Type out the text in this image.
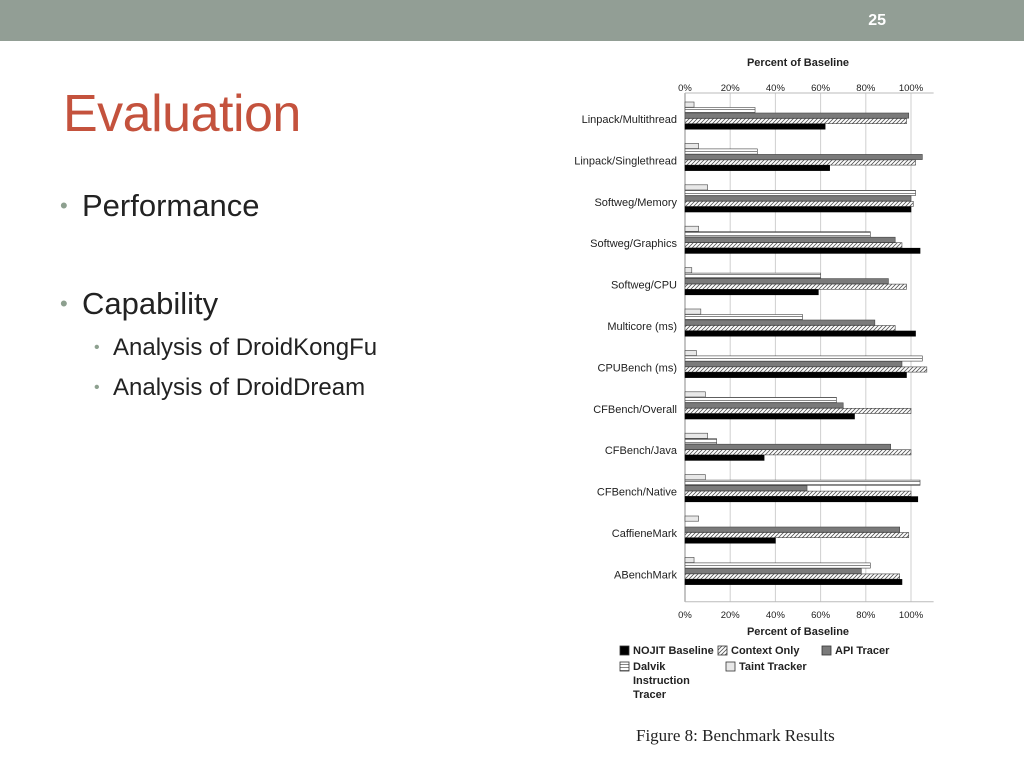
25
Evaluation
• Performance
• Capability
• Analysis of DroidKongFu
• Analysis of DroidDream
Percent of Baseline
Percent of Baseline
0%
0%
20%
20%
40%
40%
60%
60%
80%
80%
100%
100%
Linpack/Multithread
Linpack/Singlethread
Softweg/Memory
Softweg/Graphics
Softweg/CPU
Multicore (ms)
CPUBench (ms)
CFBench/Overall
CFBench/Java
CFBench/Native
CaffieneMark
ABenchMark
NOJIT Baseline Context Only	API Tracer
Dalvik
Instruction
Tracer
Taint Tracker
Figure 8: Benchmark Results
